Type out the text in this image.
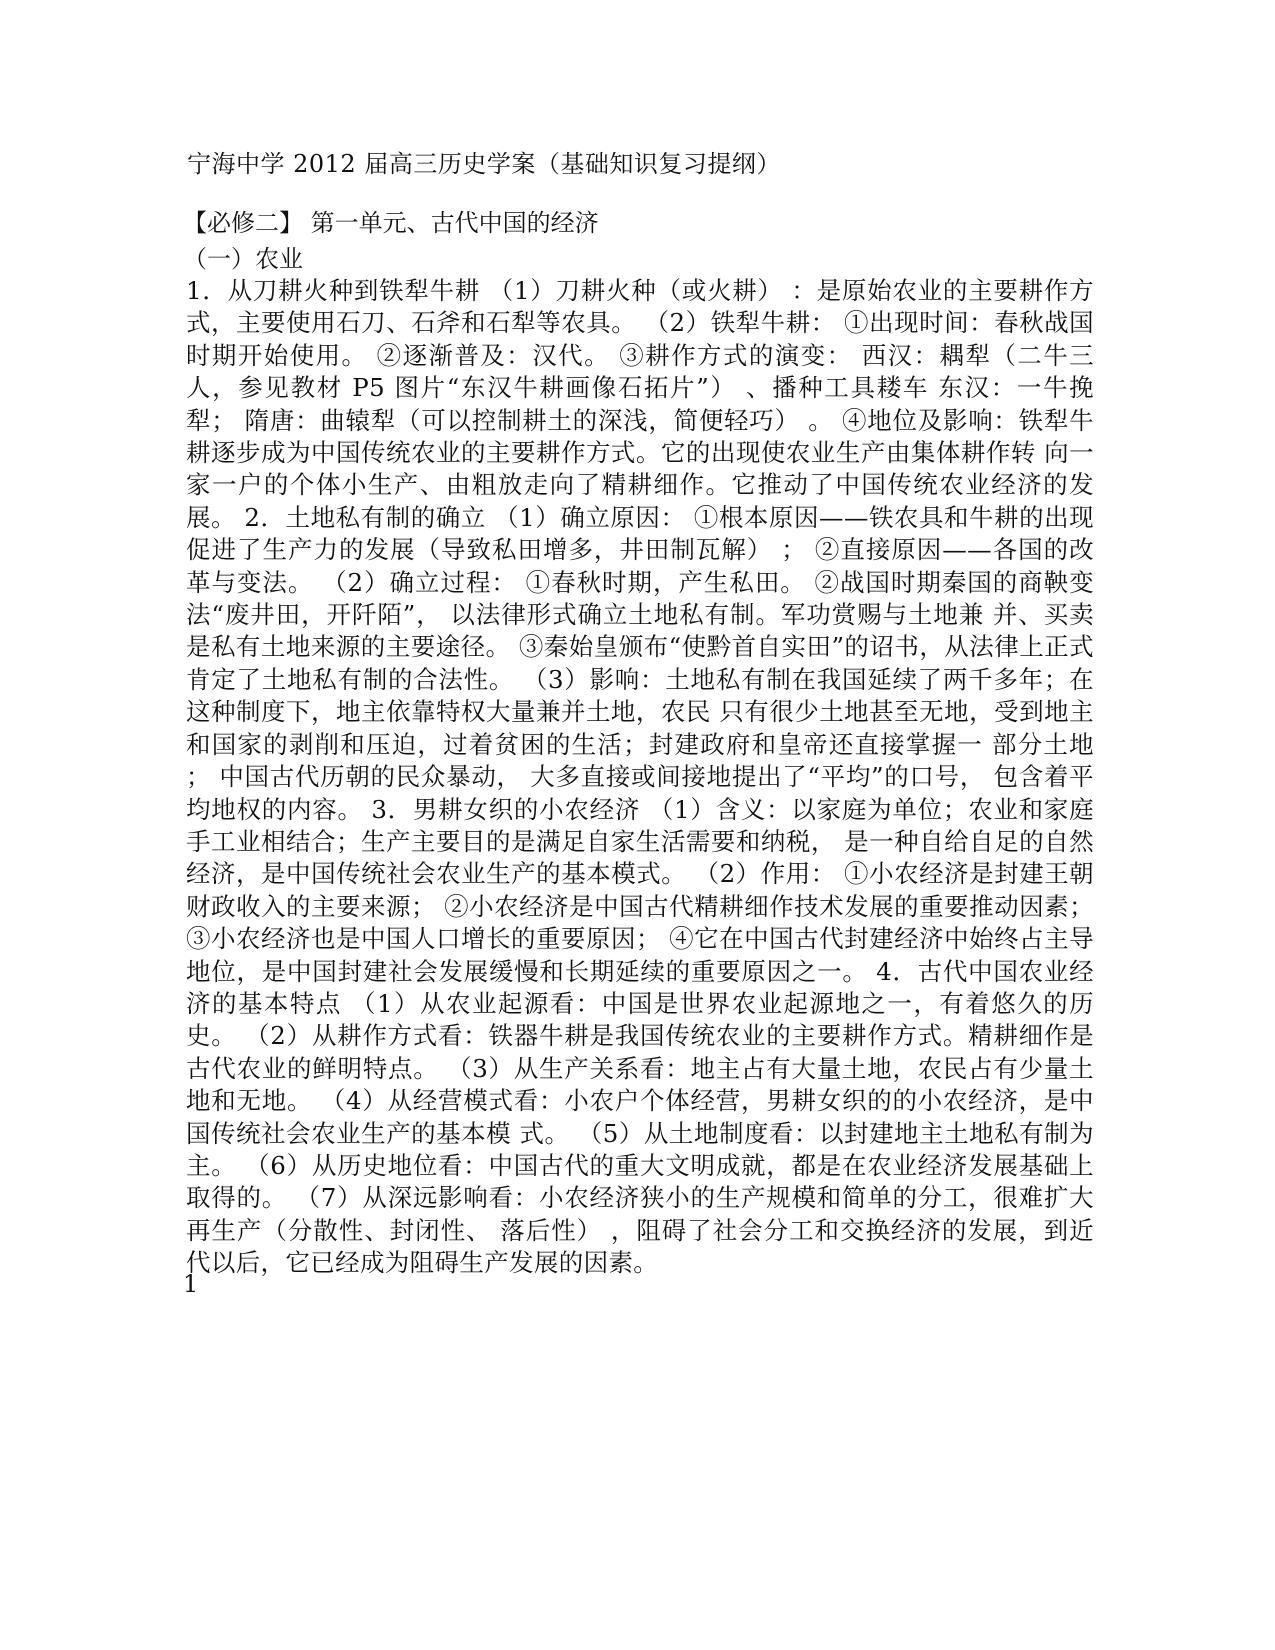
宁海中学 2012 届高三历史学案（基础知识复习提纲）
【必修二】 第一单元、古代中国的经济
（一）农业

1．从刀耕火种到铁犁牛耕 （1）刀耕火种（或火耕） ：是原始农业的主要耕作方式，主要使用石刀、石斧和石犁等农具。 （2）铁犁牛耕： ①出现时间：春秋战国时期开始使用。 ②逐渐普及：汉代。 ③耕作方式的演变： 西汉：耦犁（二牛三人，参见教材 P5 图片“东汉牛耕画像石拓片”） 、播种工具耧车 东汉：一牛挽犁； 隋唐：曲辕犁（可以控制耕土的深浅，简便轻巧） 。 ④地位及影响：铁犁牛耕逐步成为中国传统农业的主要耕作方式。它的出现使农业生产由集体耕作转 向一家一户的个体小生产、由粗放走向了精耕细作。它推动了中国传统农业经济的发展。 2．土地私有制的确立 （1）确立原因： ①根本原因——铁农具和牛耕的出现促进了生产力的发展（导致私田增多，井田制瓦解） ； ②直接原因——各国的改革与变法。 （2）确立过程： ①春秋时期，产生私田。 ②战国时期秦国的商鞅变法“废井田，开阡陌”， 以法律形式确立土地私有制。军功赏赐与土地兼 并、买卖是私有土地来源的主要途径。 ③秦始皇颁布“使黔首自实田”的诏书，从法律上正式肯定了土地私有制的合法性。 （3）影响：土地私有制在我国延续了两千多年；在这种制度下，地主依靠特权大量兼并土地，农民 只有很少土地甚至无地，受到地主和国家的剥削和压迫，过着贫困的生活；封建政府和皇帝还直接掌握一 部分土地 ； 中国古代历朝的民众暴动， 大多直接或间接地提出了“平均”的口号， 包含着平均地权的内容。 3．男耕女织的小农经济 （1）含义：以家庭为单位；农业和家庭手工业相结合；生产主要目的是满足自家生活需要和纳税， 是一种自给自足的自然经济，是中国传统社会农业生产的基本模式。 （2）作用： ①小农经济是封建王朝财政收入的主要来源； ②小农经济是中国古代精耕细作技术发展的重要推动因素； ③小农经济也是中国人口增长的重要原因； ④它在中国古代封建经济中始终占主导地位，是中国封建社会发展缓慢和长期延续的重要原因之一。 4．古代中国农业经济的基本特点 （1）从农业起源看：中国是世界农业起源地之一，有着悠久的历史。 （2）从耕作方式看：铁器牛耕是我国传统农业的主要耕作方式。精耕细作是古代农业的鲜明特点。 （3）从生产关系看：地主占有大量土地，农民占有少量土地和无地。 （4）从经营模式看：小农户个体经营，男耕女织的的小农经济，是中国传统社会农业生产的基本模 式。 （5）从土地制度看：以封建地主土地私有制为主。 （6）从历史地位看：中国古代的重大文明成就，都是在农业经济发展基础上取得的。 （7）从深远影响看：小农经济狭小的生产规模和简单的分工，很难扩大再生产（分散性、封闭性、 落后性） ，阻碍了社会分工和交换经济的发展，到近代以后，它已经成为阻碍生产发展的因素。

1
